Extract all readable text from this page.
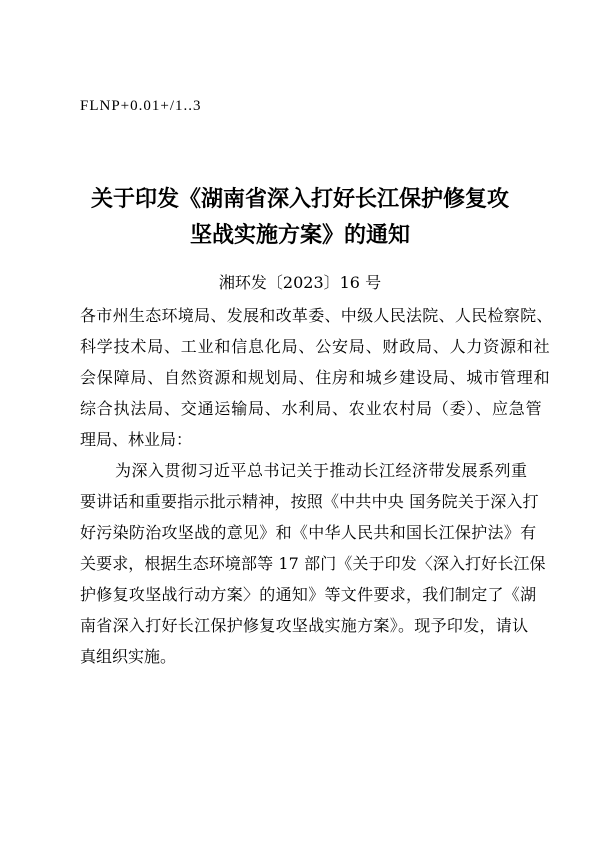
FLNP+0.01+/1..3
关于印发《湖南省深入打好长江保护修复攻
坚战实施方案》的通知
湘环发〔2023〕16 号
各市州生态环境局、发展和改革委、中级人民法院、人民检察院、
科学技术局、工业和信息化局、公安局、财政局、人力资源和社
会保障局、自然资源和规划局、住房和城乡建设局、城市管理和
综合执法局、交通运输局、水利局、农业农村局（委）、应急管
理局、林业局：
为深入贯彻习近平总书记关于推动长江经济带发展系列重
要讲话和重要指示批示精神，按照《中共中央 国务院关于深入打
好污染防治攻坚战的意见》和《中华人民共和国长江保护法》有
关要求，根据生态环境部等 17 部门《关于印发〈深入打好长江保
护修复攻坚战行动方案〉的通知》等文件要求，我们制定了《湖
南省深入打好长江保护修复攻坚战实施方案》。现予印发，请认
真组织实施。
